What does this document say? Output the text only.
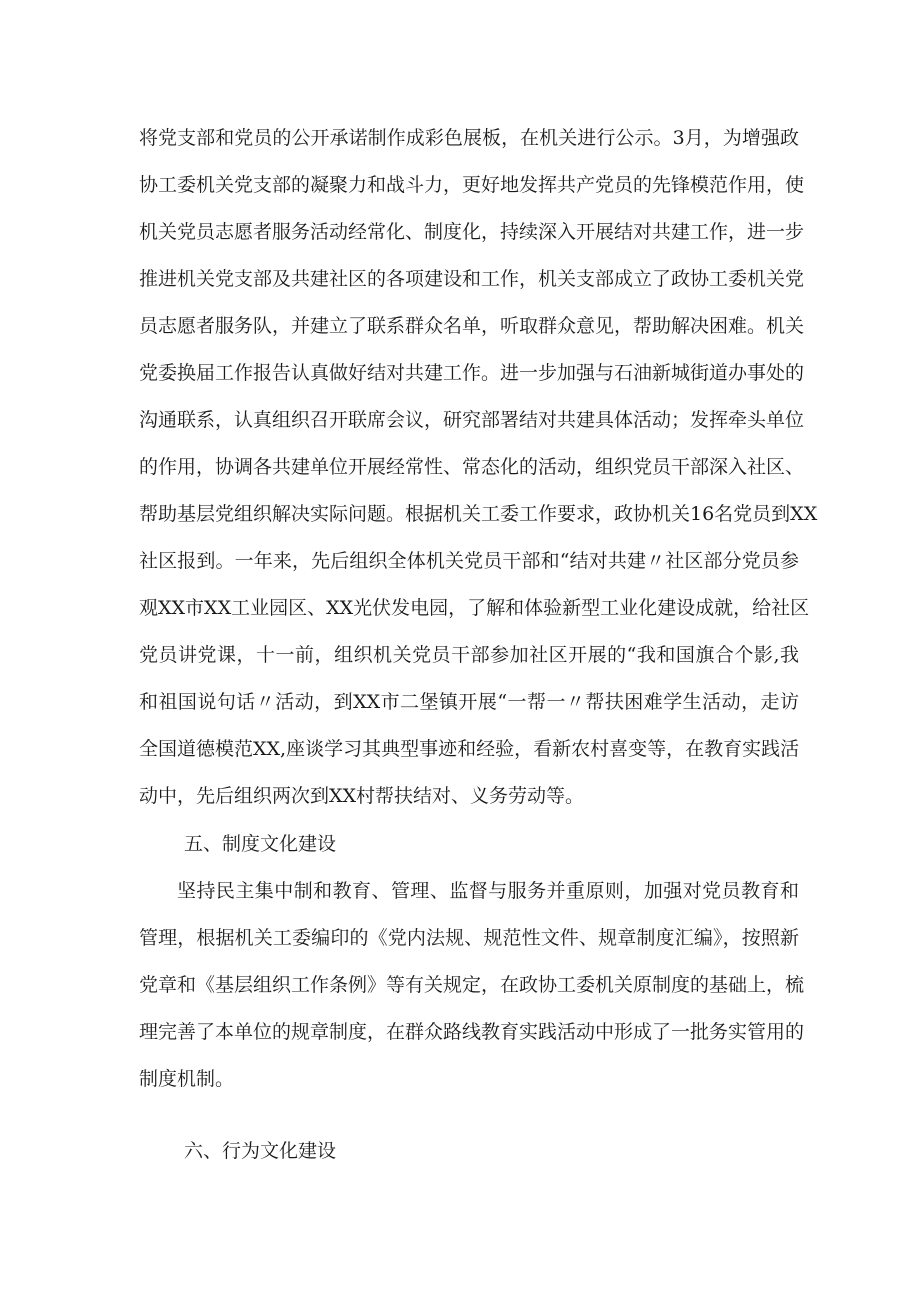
将党支部和党员的公开承诺制作成彩色展板，在机关进行公示。3月，为增强政
协工委机关党支部的凝聚力和战斗力，更好地发挥共产党员的先锋模范作用，使
机关党员志愿者服务活动经常化、制度化，持续深入开展结对共建工作，进一步
推进机关党支部及共建社区的各项建设和工作，机关支部成立了政协工委机关党
员志愿者服务队，并建立了联系群众名单，听取群众意见，帮助解决困难。机关
党委换届工作报告认真做好结对共建工作。进一步加强与石油新城街道办事处的
沟通联系，认真组织召开联席会议，研究部署结对共建具体活动；发挥牵头单位
的作用，协调各共建单位开展经常性、常态化的活动，组织党员干部深入社区、
帮助基层党组织解决实际问题。根据机关工委工作要求，政协机关16名党员到XX
社区报到。一年来，先后组织全体机关党员干部和“结对共建〃社区部分党员参
观XX市XX工业园区、XX光伏发电园，了解和体验新型工业化建设成就，给社区
党员讲党课，十一前，组织机关党员干部参加社区开展的“我和国旗合个影,我
和祖国说句话〃活动，到XX市二堡镇开展“一帮一〃帮扶困难学生活动，走访
全国道德模范XX,座谈学习其典型事迹和经验，看新农村喜变等，在教育实践活
动中，先后组织两次到XX村帮扶结对、义务劳动等。
五、制度文化建设
坚持民主集中制和教育、管理、监督与服务并重原则，加强对党员教育和
管理，根据机关工委编印的《党内法规、规范性文件、规章制度汇编》，按照新
党章和《基层组织工作条例》等有关规定，在政协工委机关原制度的基础上，梳
理完善了本单位的规章制度，在群众路线教育实践活动中形成了一批务实管用的
制度机制。
六、行为文化建设
